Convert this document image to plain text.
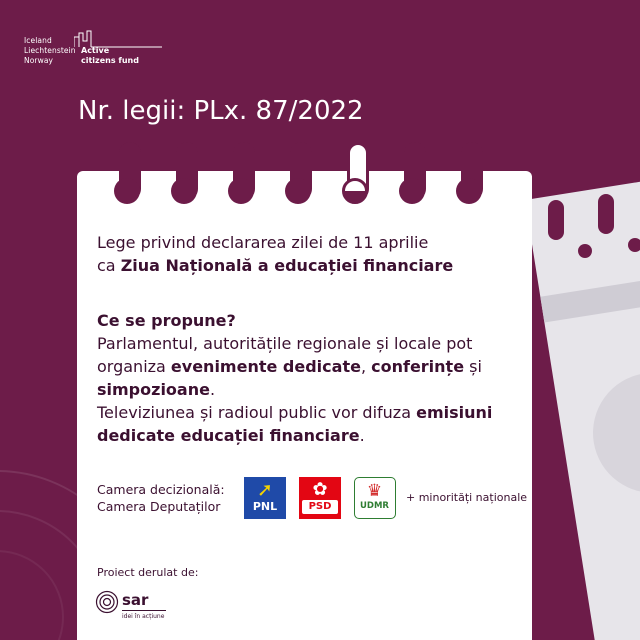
Iceland
Liechtenstein
Norway
Active
citizens fund
Nr. legii: PLx. 87/2022

Lege privind declararea zilei de 11 aprilie
ca Ziua Națională a educației financiare

Ce se propune?

Parlamentul, autoritățile regionale și locale pot organiza evenimente dedicate, conferințe și simpozioane.
Televiziunea și radioul public vor difuza emisiuni dedicate educației financiare.

Camera decizională:
Camera Deputaților
➚
PNL
✿
PSD
♛
UDMR
+ minorități naționale
Proiect derulat de:
sar
idei în acțiune
